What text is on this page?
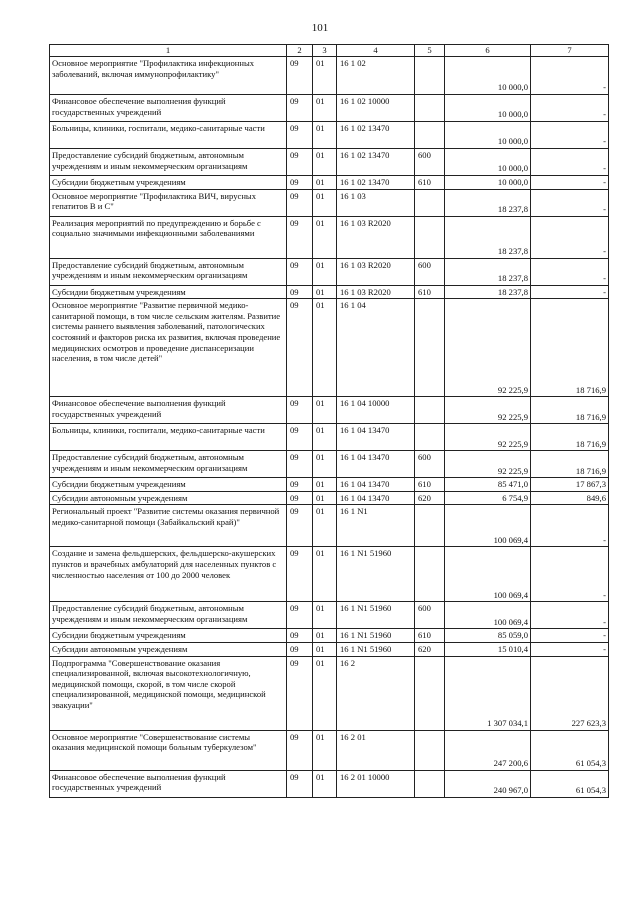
101
1	2	3	4	5	6	7
Основное мероприятие "Профилактика инфекционных заболеваний, включая иммунопрофилактику"	09	01	16 1 02		10 000,0	-
Финансовое обеспечение выполнения функций государственных учреждений	09	01	16 1 02 10000		10 000,0	-
Больницы, клиники, госпитали, медико-санитарные части	09	01	16 1 02 13470		10 000,0	-
Предоставление субсидий бюджетным, автономным учреждениям и иным некоммерческим организациям	09	01	16 1 02 13470	600	10 000,0	-
Субсидии бюджетным учреждениям	09	01	16 1 02 13470	610	10 000,0	-
Основное мероприятие "Профилактика ВИЧ, вирусных гепатитов В и С"	09	01	16 1 03		18 237,8	-
Реализация мероприятий по предупреждению и борьбе с социально значимыми инфекционными заболеваниями	09	01	16 1 03 R2020		18 237,8	-
Предоставление субсидий бюджетным, автономным учреждениям и иным некоммерческим организациям	09	01	16 1 03 R2020	600	18 237,8	-
Субсидии бюджетным учреждениям	09	01	16 1 03 R2020	610	18 237,8	-
Основное мероприятие "Развитие первичной медико-санитарной помощи, в том числе сельским жителям. Развитие системы раннего выявления заболеваний, патологических состояний и факторов риска их развития, включая проведение медицинских осмотров и проведение диспансеризации населения, в том числе детей"	09	01	16 1 04		92 225,9	18 716,9
Финансовое обеспечение выполнения функций государственных учреждений	09	01	16 1 04 10000		92 225,9	18 716,9
Больницы, клиники, госпитали, медико-санитарные части	09	01	16 1 04 13470		92 225,9	18 716,9
Предоставление субсидий бюджетным, автономным учреждениям и иным некоммерческим организациям	09	01	16 1 04 13470	600	92 225,9	18 716,9
Субсидии бюджетным учреждениям	09	01	16 1 04 13470	610	85 471,0	17 867,3
Субсидии автономным учреждениям	09	01	16 1 04 13470	620	6 754,9	849,6
Региональный проект "Развитие системы оказания первичной медико-санитарной помощи (Забайкальский край)"	09	01	16 1 N1		100 069,4	-
Создание и замена фельдшерских, фельдшерско-акушерских пунктов и врачебных амбулаторий для населенных пунктов с численностью населения от 100 до 2000 человек	09	01	16 1 N1 51960		100 069,4	-
Предоставление субсидий бюджетным, автономным учреждениям и иным некоммерческим организациям	09	01	16 1 N1 51960	600	100 069,4	-
Субсидии бюджетным учреждениям	09	01	16 1 N1 51960	610	85 059,0	-
Субсидии автономным учреждениям	09	01	16 1 N1 51960	620	15 010,4	-
Подпрограмма "Совершенствование оказания специализированной, включая высокотехнологичную, медицинской помощи, скорой, в том числе скорой специализированной, медицинской помощи, медицинской эвакуации"	09	01	16 2		1 307 034,1	227 623,3
Основное мероприятие "Совершенствование системы оказания медицинской помощи больным туберкулезом"	09	01	16 2 01		247 200,6	61 054,3
Финансовое обеспечение выполнения функций государственных учреждений	09	01	16 2 01 10000		240 967,0	61 054,3
